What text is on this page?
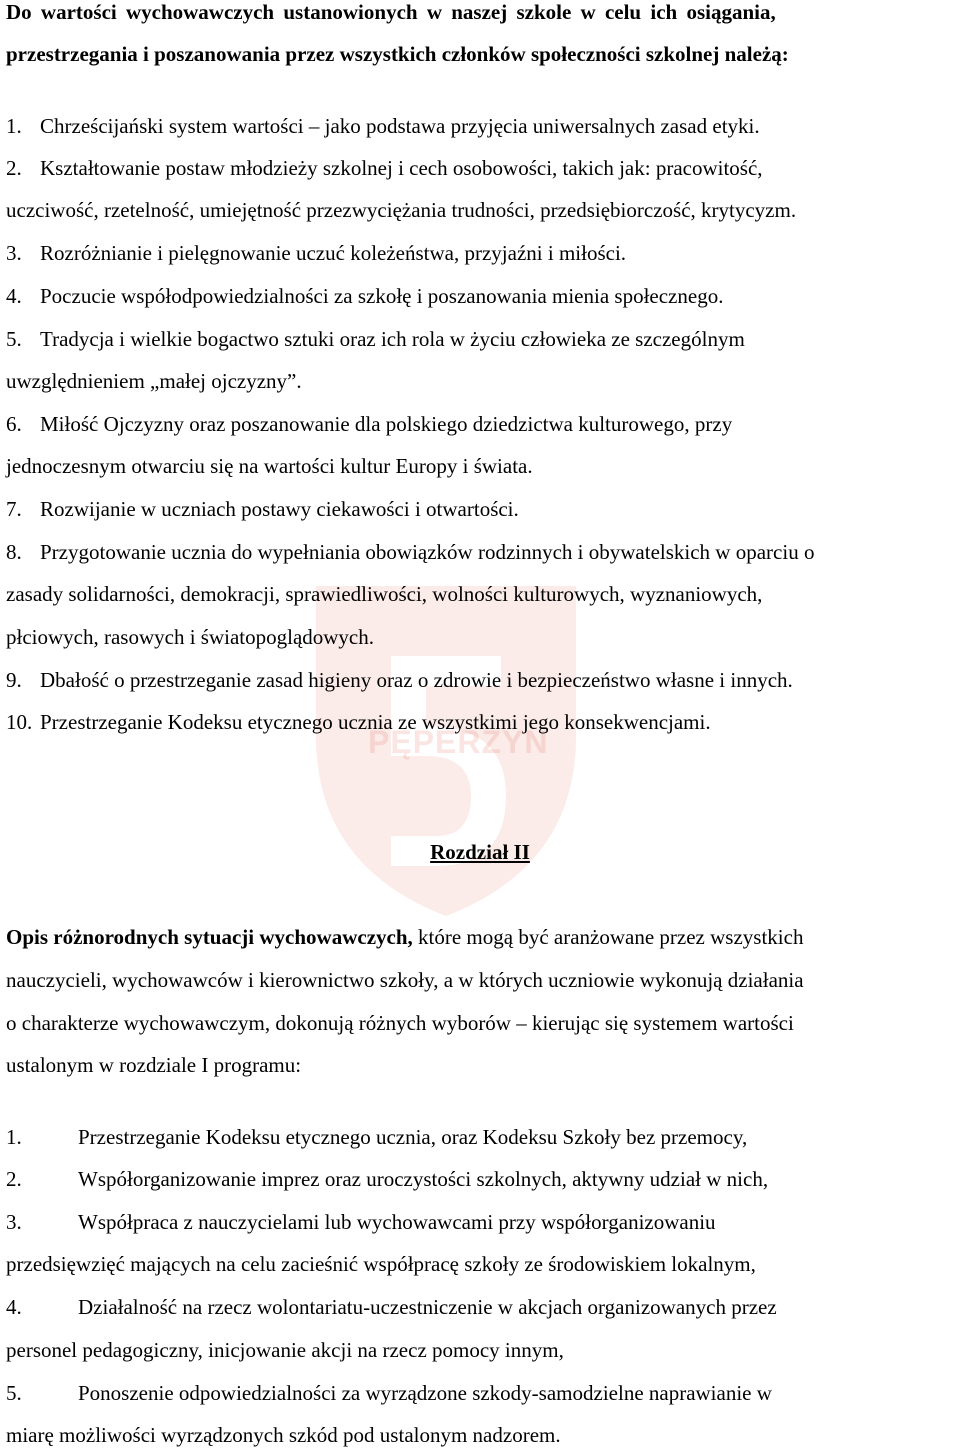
PĘPERZYN
Do wartości wychowawczych ustanowionych w naszej szkole w celu ich osiągania,
przestrzegania i poszanowania przez wszystkich członków społeczności szkolnej należą:
1. Chrześcijański system wartości – jako podstawa przyjęcia uniwersalnych zasad etyki.
2. Kształtowanie postaw młodzieży szkolnej i cech osobowości, takich jak: pracowitość,
uczciwość, rzetelność, umiejętność przezwyciężania trudności, przedsiębiorczość, krytycyzm.
3. Rozróżnianie i pielęgnowanie uczuć koleżeństwa, przyjaźni i miłości.
4. Poczucie współodpowiedzialności za szkołę i poszanowania mienia społecznego.
5. Tradycja i wielkie bogactwo sztuki oraz ich rola w życiu człowieka ze szczególnym
uwzględnieniem „małej ojczyzny”.
6. Miłość Ojczyzny oraz poszanowanie dla polskiego dziedzictwa kulturowego, przy
jednoczesnym otwarciu się na wartości kultur Europy i świata.
7. Rozwijanie w uczniach postawy ciekawości i otwartości.
8. Przygotowanie ucznia do wypełniania obowiązków rodzinnych i obywatelskich w oparciu o
zasady solidarności, demokracji, sprawiedliwości, wolności kulturowych, wyznaniowych,
płciowych, rasowych i światopoglądowych.
9. Dbałość o przestrzeganie zasad higieny oraz o zdrowie i bezpieczeństwo własne i innych.
10. Przestrzeganie Kodeksu etycznego ucznia ze wszystkimi jego konsekwencjami.
Rozdział II
Opis różnorodnych sytuacji wychowawczych, które mogą być aranżowane przez wszystkich
nauczycieli, wychowawców i kierownictwo szkoły, a w których uczniowie wykonują działania
o charakterze wychowawczym, dokonują różnych wyborów – kierując się systemem wartości
ustalonym w rozdziale I programu:
1.	Przestrzeganie Kodeksu etycznego ucznia, oraz Kodeksu Szkoły bez przemocy,
2.	Współorganizowanie imprez oraz uroczystości szkolnych, aktywny udział w nich,
3.	Współpraca z nauczycielami lub wychowawcami przy współorganizowaniu
przedsięwzięć mających na celu zacieśnić współpracę szkoły ze środowiskiem lokalnym,
4.	Działalność na rzecz wolontariatu-uczestniczenie w akcjach organizowanych przez
personel pedagogiczny, inicjowanie akcji na rzecz pomocy innym,
5.	Ponoszenie odpowiedzialności za wyrządzone szkody-samodzielne naprawianie w
miarę możliwości wyrządzonych szkód pod ustalonym nadzorem.
